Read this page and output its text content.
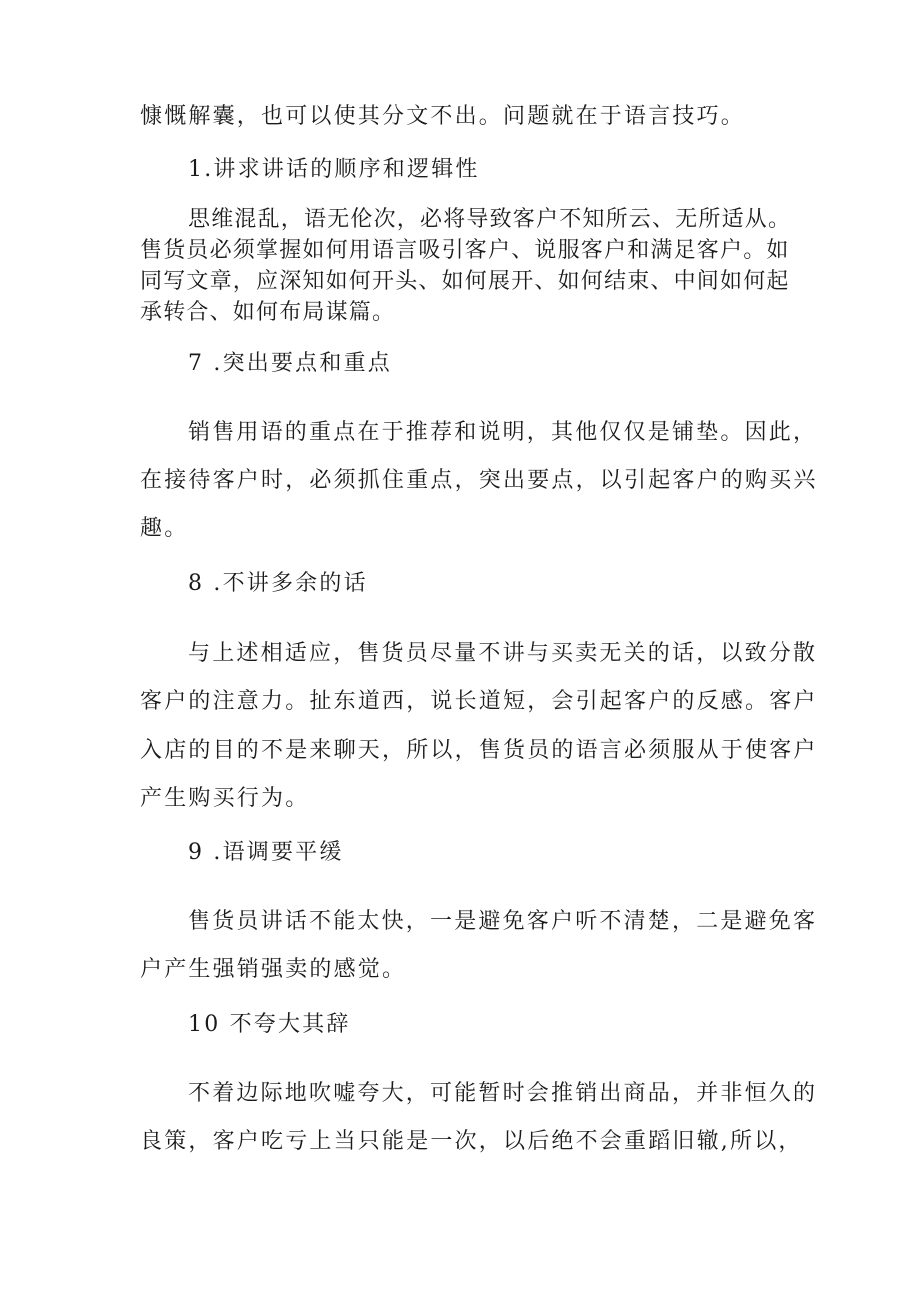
慷慨解囊，也可以使其分文不出。问题就在于语言技巧。
1.讲求讲话的顺序和逻辑性
思维混乱，语无伦次，必将导致客户不知所云、无所适从。
售货员必须掌握如何用语言吸引客户、说服客户和满足客户。如
同写文章，应深知如何开头、如何展开、如何结束、中间如何起
承转合、如何布局谋篇。
7 .突出要点和重点
销售用语的重点在于推荐和说明，其他仅仅是铺垫。因此，
在接待客户时，必须抓住重点，突出要点，以引起客户的购买兴
趣。
8 .不讲多余的话
与上述相适应，售货员尽量不讲与买卖无关的话，以致分散
客户的注意力。扯东道西，说长道短，会引起客户的反感。客户
入店的目的不是来聊天，所以，售货员的语言必须服从于使客户
产生购买行为。
9 .语调要平缓
售货员讲话不能太快，一是避免客户听不清楚，二是避免客
户产生强销强卖的感觉。
10 不夸大其辞
不着边际地吹嘘夸大，可能暂时会推销出商品，并非恒久的
良策，客户吃亏上当只能是一次，以后绝不会重蹈旧辙,所以，
